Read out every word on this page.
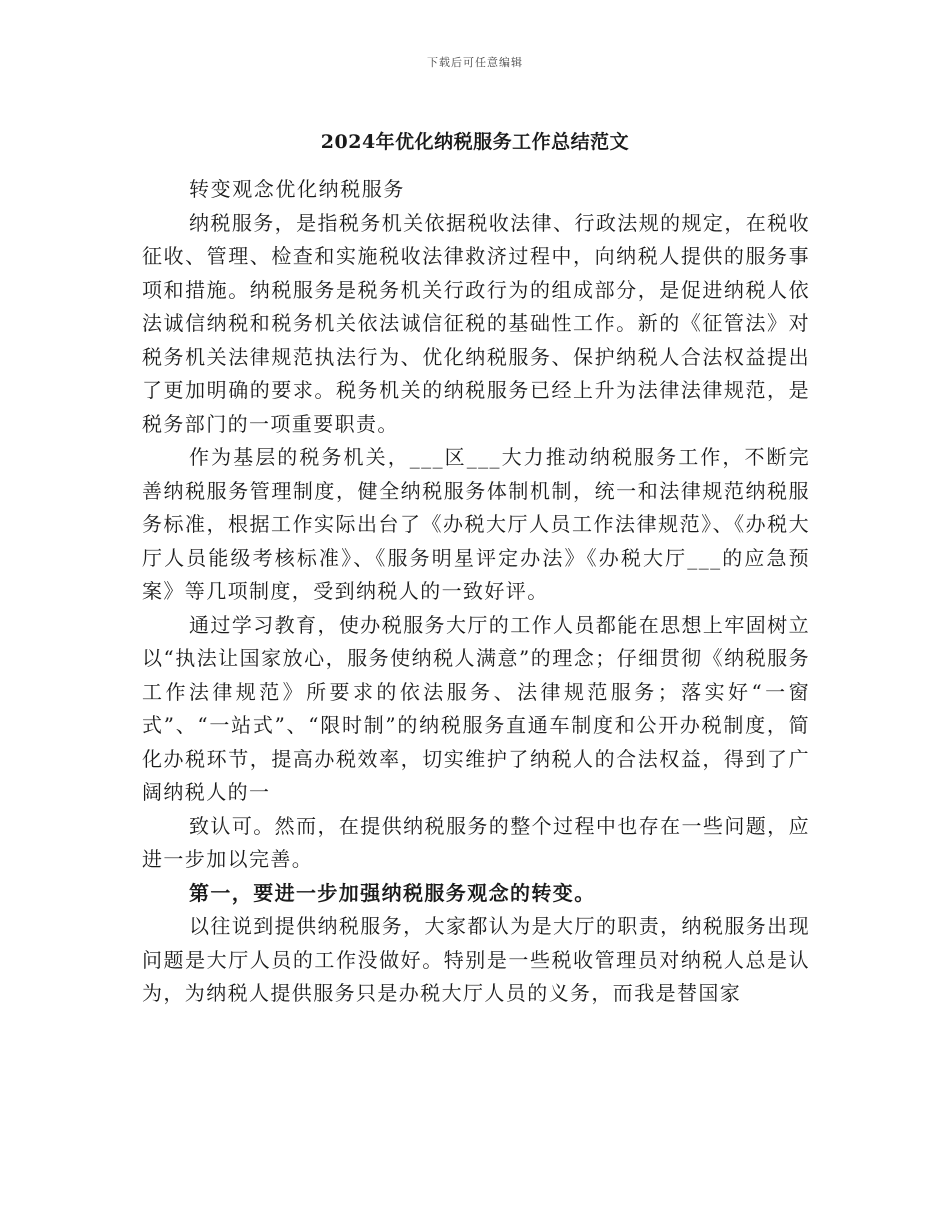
下载后可任意编辑
2024年优化纳税服务工作总结范文

转变观念优化纳税服务

纳税服务，是指税务机关依据税收法律、行政法规的规定，在税收征收、管理、检查和实施税收法律救济过程中，向纳税人提供的服务事项和措施。纳税服务是税务机关行政行为的组成部分，是促进纳税人依法诚信纳税和税务机关依法诚信征税的基础性工作。新的《征管法》对税务机关法律规范执法行为、优化纳税服务、保护纳税人合法权益提出了更加明确的要求。税务机关的纳税服务已经上升为法律法律规范，是税务部门的一项重要职责。

作为基层的税务机关，___区___大力推动纳税服务工作，不断完善纳税服务管理制度，健全纳税服务体制机制，统一和法律规范纳税服务标准，根据工作实际出台了《办税大厅人员工作法律规范》、《办税大厅人员能级考核标准》、《服务明星评定办法》《办税大厅___的应急预案》等几项制度，受到纳税人的一致好评。

通过学习教育，使办税服务大厅的工作人员都能在思想上牢固树立以“执法让国家放心，服务使纳税人满意”的理念；仔细贯彻《纳税服务工作法律规范》所要求的依法服务、法律规范服务；落实好“一窗式”、“一站式”、“限时制”的纳税服务直通车制度和公开办税制度，简化办税环节，提高办税效率，切实维护了纳税人的合法权益，得到了广阔纳税人的一

致认可。然而，在提供纳税服务的整个过程中也存在一些问题，应进一步加以完善。

第一，要进一步加强纳税服务观念的转变。

以往说到提供纳税服务，大家都认为是大厅的职责，纳税服务出现问题是大厅人员的工作没做好。特别是一些税收管理员对纳税人总是认为，为纳税人提供服务只是办税大厅人员的义务，而我是替国家
